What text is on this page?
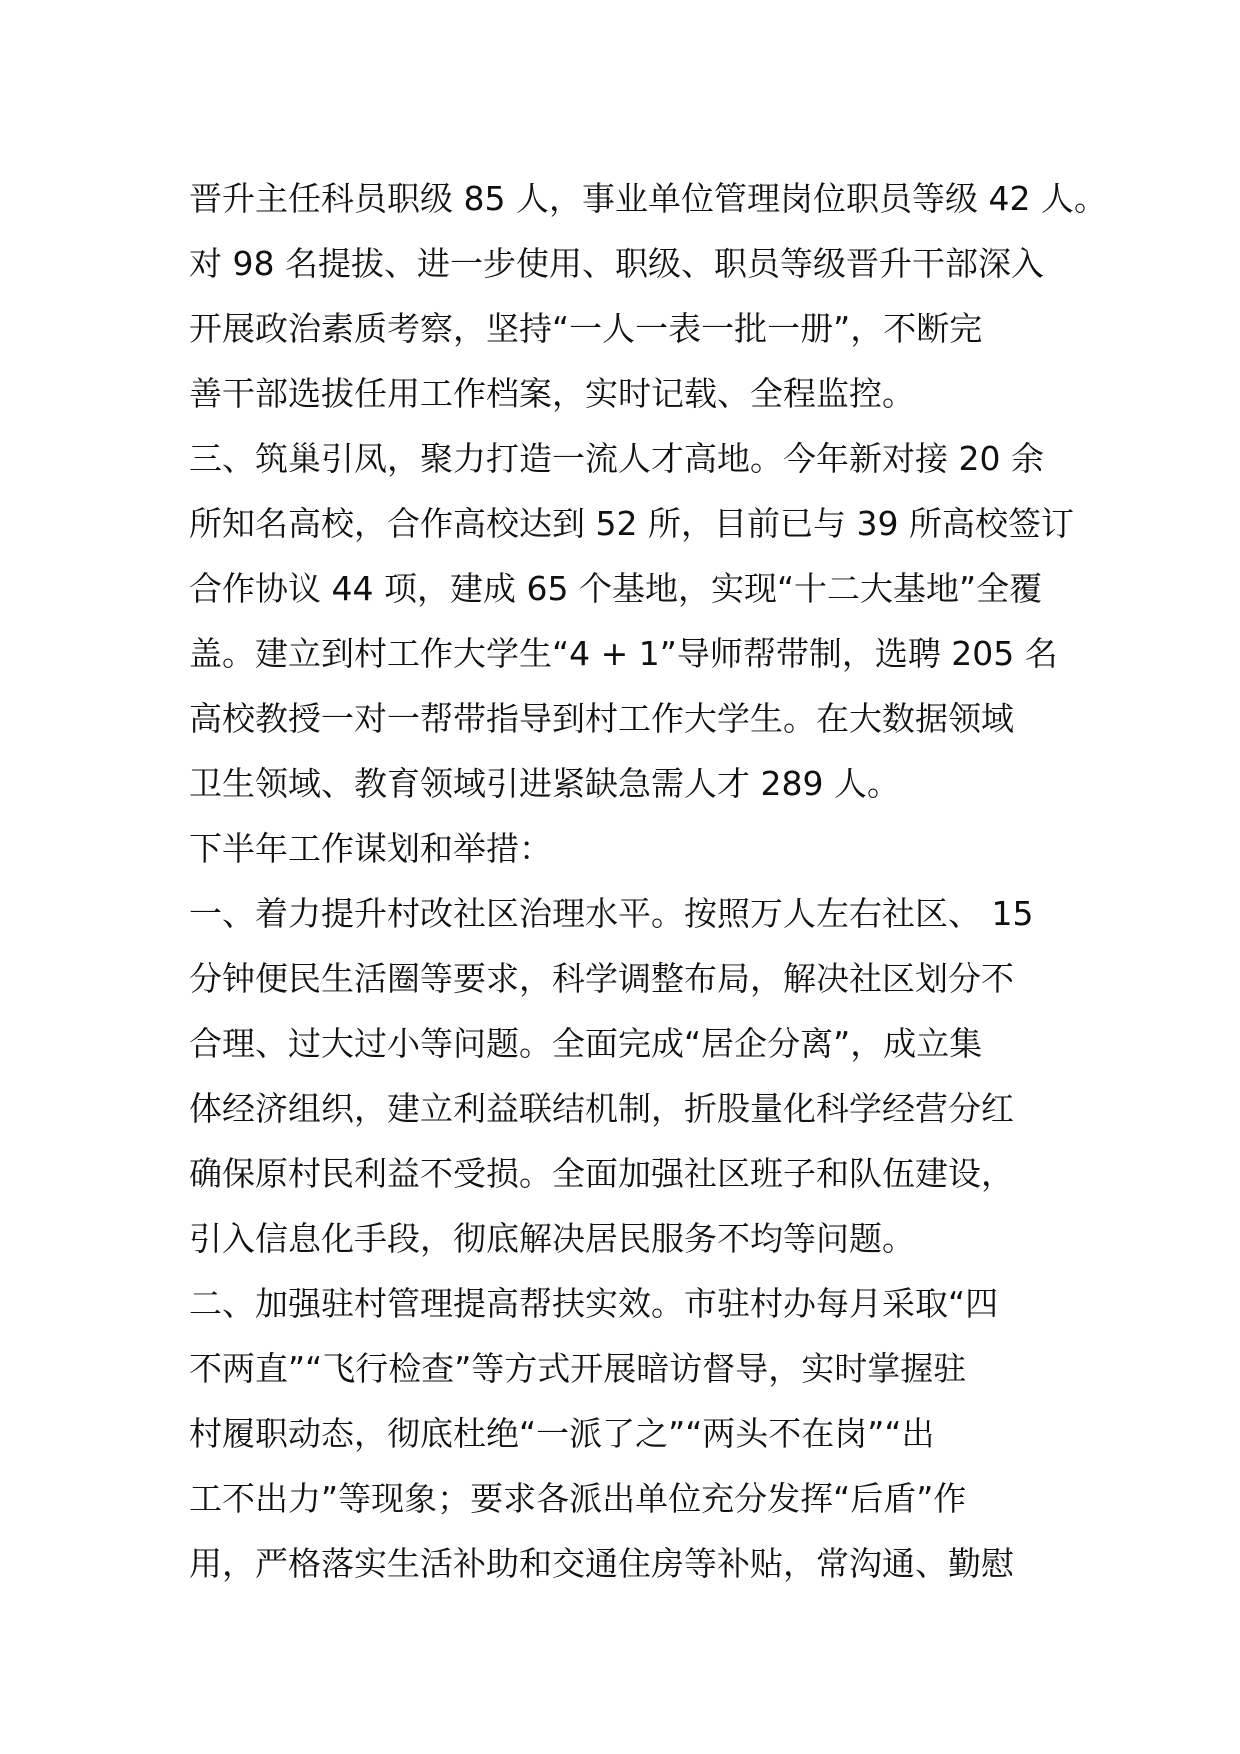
晋升主任科员职级 85 人，事业单位管理岗位职员等级 42 人。
对 98 名提拔、进一步使用、职级、职员等级晋升干部深入
开展政治素质考察，坚持“一人一表一批一册”，不断完
善干部选拔任用工作档案，实时记载、全程监控。
三、筑巢引凤，聚力打造一流人才高地。今年新对接 20 余
所知名高校，合作高校达到 52 所，目前已与 39 所高校签订
合作协议 44 项，建成 65 个基地，实现“十二大基地”全覆
盖。建立到村工作大学生“4 + 1”导师帮带制，选聘 205 名
高校教授一对一帮带指导到村工作大学生。在大数据领域
卫生领域、教育领域引进紧缺急需人才 289 人。
下半年工作谋划和举措：
一、着力提升村改社区治理水平。按照万人左右社区、 15
分钟便民生活圈等要求，科学调整布局，解决社区划分不
合理、过大过小等问题。全面完成“居企分离”，成立集
体经济组织，建立利益联结机制，折股量化科学经营分红
确保原村民利益不受损。全面加强社区班子和队伍建设，
引入信息化手段，彻底解决居民服务不均等问题。
二、加强驻村管理提高帮扶实效。市驻村办每月采取“四
不两直”“飞行检查”等方式开展暗访督导，实时掌握驻
村履职动态，彻底杜绝“一派了之”“两头不在岗”“出
工不出力”等现象；要求各派出单位充分发挥“后盾”作
用，严格落实生活补助和交通住房等补贴，常沟通、勤慰
